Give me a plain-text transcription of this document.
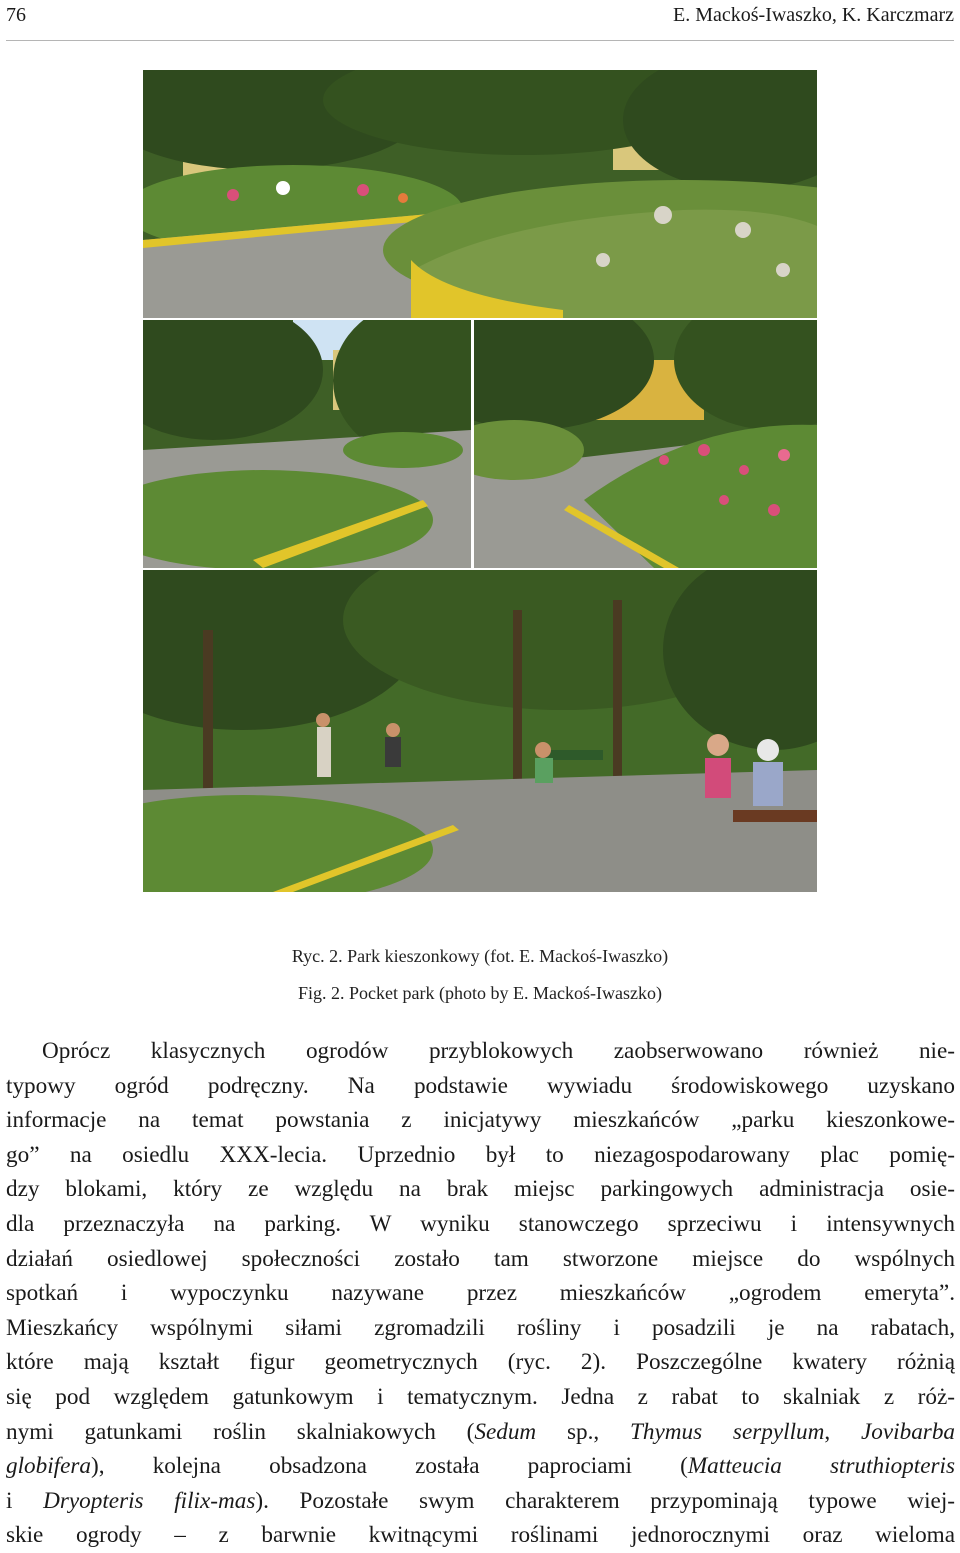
76	E. Mackoś-Iwaszko, K. Karczmarz
Ryc. 2. Park kieszonkowy (fot. E. Mackoś-Iwaszko)
Fig. 2. Pocket park (photo by E. Mackoś-Iwaszko)
Oprócz klasycznych ogrodów przyblokowych zaobserwowano również nie-
typowy ogród podręczny. Na podstawie wywiadu środowiskowego uzyskano
informacje na temat powstania z inicjatywy mieszkańców „parku kieszonkowe-
go” na osiedlu XXX-lecia. Uprzednio był to niezagospodarowany plac pomię-
dzy blokami, który ze względu na brak miejsc parkingowych administracja osie-
dla przeznaczyła na parking. W wyniku stanowczego sprzeciwu i intensywnych
działań osiedlowej społeczności zostało tam stworzone miejsce do wspólnych
spotkań i wypoczynku nazywane przez mieszkańców „ogrodem emeryta”.
Mieszkańcy wspólnymi siłami zgromadzili rośliny i posadzili je na rabatach,
które mają kształt figur geometrycznych (ryc. 2). Poszczególne kwatery różnią
się pod względem gatunkowym i tematycznym. Jedna z rabat to skalniak z róż-
nymi gatunkami roślin skalniakowych (Sedum sp., Thymus serpyllum, Jovibarba
globifera), kolejna obsadzona została paprociami (Matteucia struthiopteris
i Dryopteris filix-mas). Pozostałe swym charakterem przypominają typowe wiej-
skie ogrody – z barwnie kwitnącymi roślinami jednorocznymi oraz wieloma
